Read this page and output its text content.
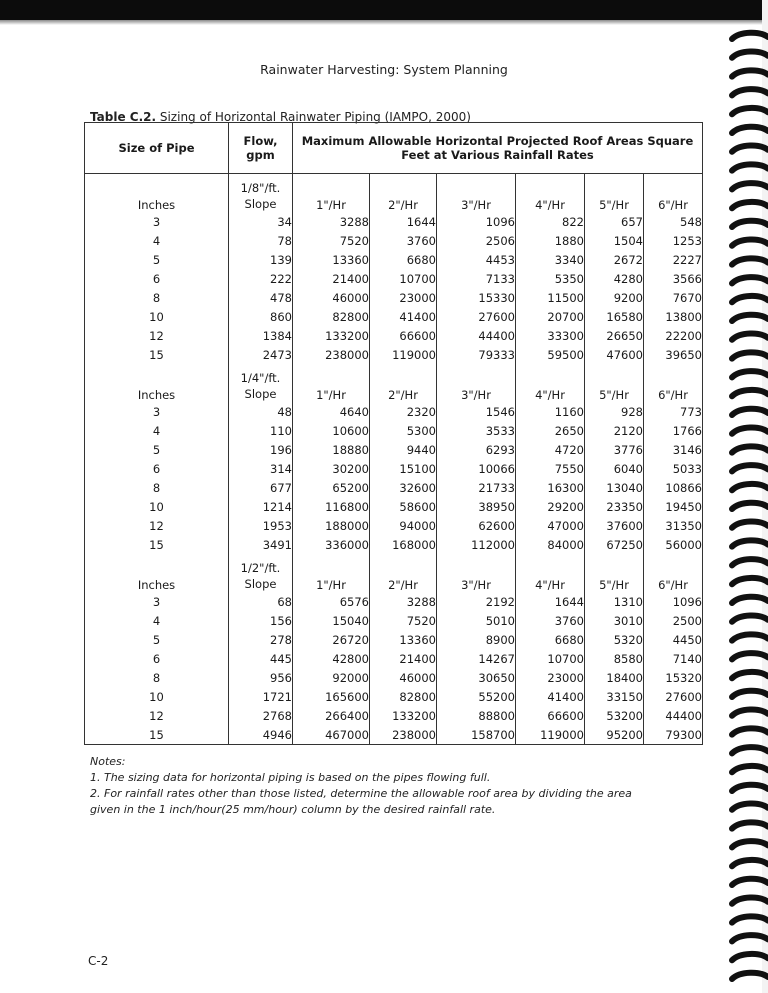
Rainwater Harvesting: System Planning
Table C.2. Sizing of Horizontal Rainwater Piping (IAMPO, 2000)
Size of Pipe	Flow, gpm	Maximum Allowable Horizontal Projected Roof Areas Square Feet at Various Rainfall Rates					
Inches	1/8"/ft. Slope	1"/Hr	2"/Hr	3"/Hr	4"/Hr	5"/Hr	6"/Hr
3	34	3288	1644	1096	822	657	548
4	78	7520	3760	2506	1880	1504	1253
5	139	13360	6680	4453	3340	2672	2227
6	222	21400	10700	7133	5350	4280	3566
8	478	46000	23000	15330	11500	9200	7670
10	860	82800	41400	27600	20700	16580	13800
12	1384	133200	66600	44400	33300	26650	22200
15	2473	238000	119000	79333	59500	47600	39650
Inches	1/4"/ft. Slope	1"/Hr	2"/Hr	3"/Hr	4"/Hr	5"/Hr	6"/Hr
3	48	4640	2320	1546	1160	928	773
4	110	10600	5300	3533	2650	2120	1766
5	196	18880	9440	6293	4720	3776	3146
6	314	30200	15100	10066	7550	6040	5033
8	677	65200	32600	21733	16300	13040	10866
10	1214	116800	58600	38950	29200	23350	19450
12	1953	188000	94000	62600	47000	37600	31350
15	3491	336000	168000	112000	84000	67250	56000
Inches	1/2"/ft. Slope	1"/Hr	2"/Hr	3"/Hr	4"/Hr	5"/Hr	6"/Hr
3	68	6576	3288	2192	1644	1310	1096
4	156	15040	7520	5010	3760	3010	2500
5	278	26720	13360	8900	6680	5320	4450
6	445	42800	21400	14267	10700	8580	7140
8	956	92000	46000	30650	23000	18400	15320
10	1721	165600	82800	55200	41400	33150	27600
12	2768	266400	133200	88800	66600	53200	44400
15	4946	467000	238000	158700	119000	95200	79300
Notes:
1. The sizing data for horizontal piping is based on the pipes flowing full.
2. For rainfall rates other than those listed, determine the allowable roof area by dividing the area
given in the 1 inch/hour(25 mm/hour) column by the desired rainfall rate.
C-2
